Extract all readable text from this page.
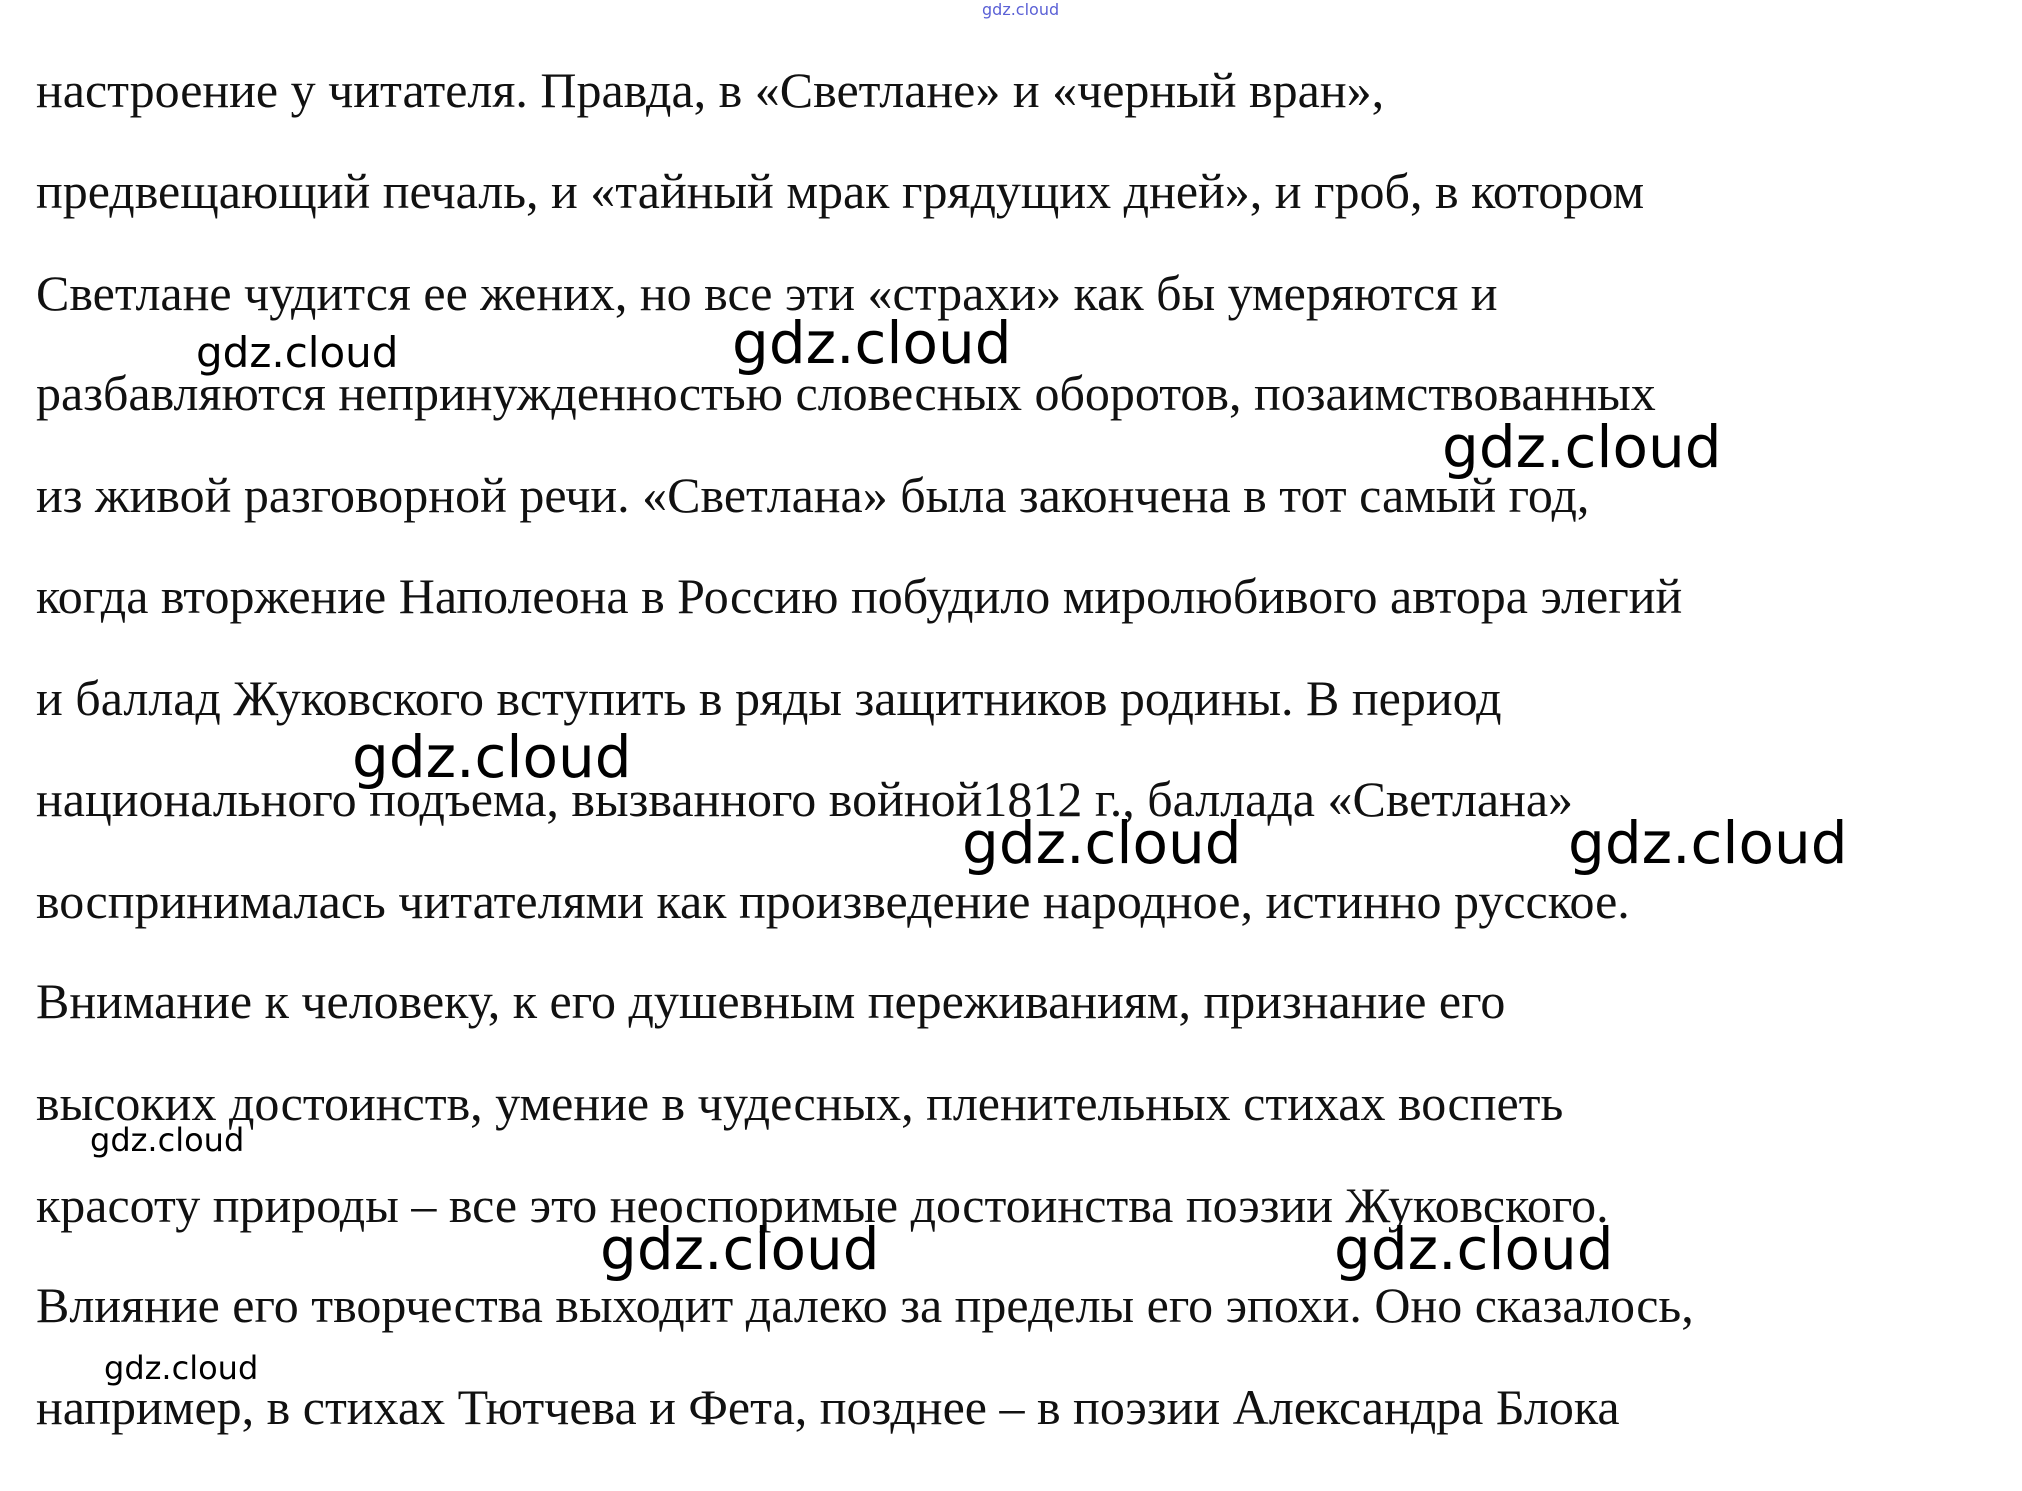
gdz.cloud

настроение у читателя. Правда, в «Светлане» и «черный вран»,

предвещающий печаль, и «тайный мрак грядущих дней», и гроб, в котором

Светлане чудится ее жених, но все эти «страхи» как бы умеряются и

разбавляются непринужденностью словесных оборотов, позаимствованных

из живой разговорной речи. «Светлана» была закончена в тот самый год,

когда вторжение Наполеона в Россию побудило миролюбивого автора элегий

и баллад Жуковского вступить в ряды защитников родины. В период

национального подъема, вызванного войной1812 г., баллада «Светлана»

воспринималась читателями как произведение народное, истинно русское.

Внимание к человеку, к его душевным переживаниям, признание его

высоких достоинств, умение в чудесных, пленительных стихах воспеть

красоту природы – все это неоспоримые достоинства поэзии Жуковского.

Влияние его творчества выходит далеко за пределы его эпохи. Оно сказалось,

например, в стихах Тютчева и Фета, позднее – в поэзии Александра Блока

gdz.cloud	gdz.cloud
gdz.cloud
gdz.cloud
gdz.cloud	gdz.cloud
gdz.cloud
gdz.cloud	gdz.cloud
gdz.cloud
